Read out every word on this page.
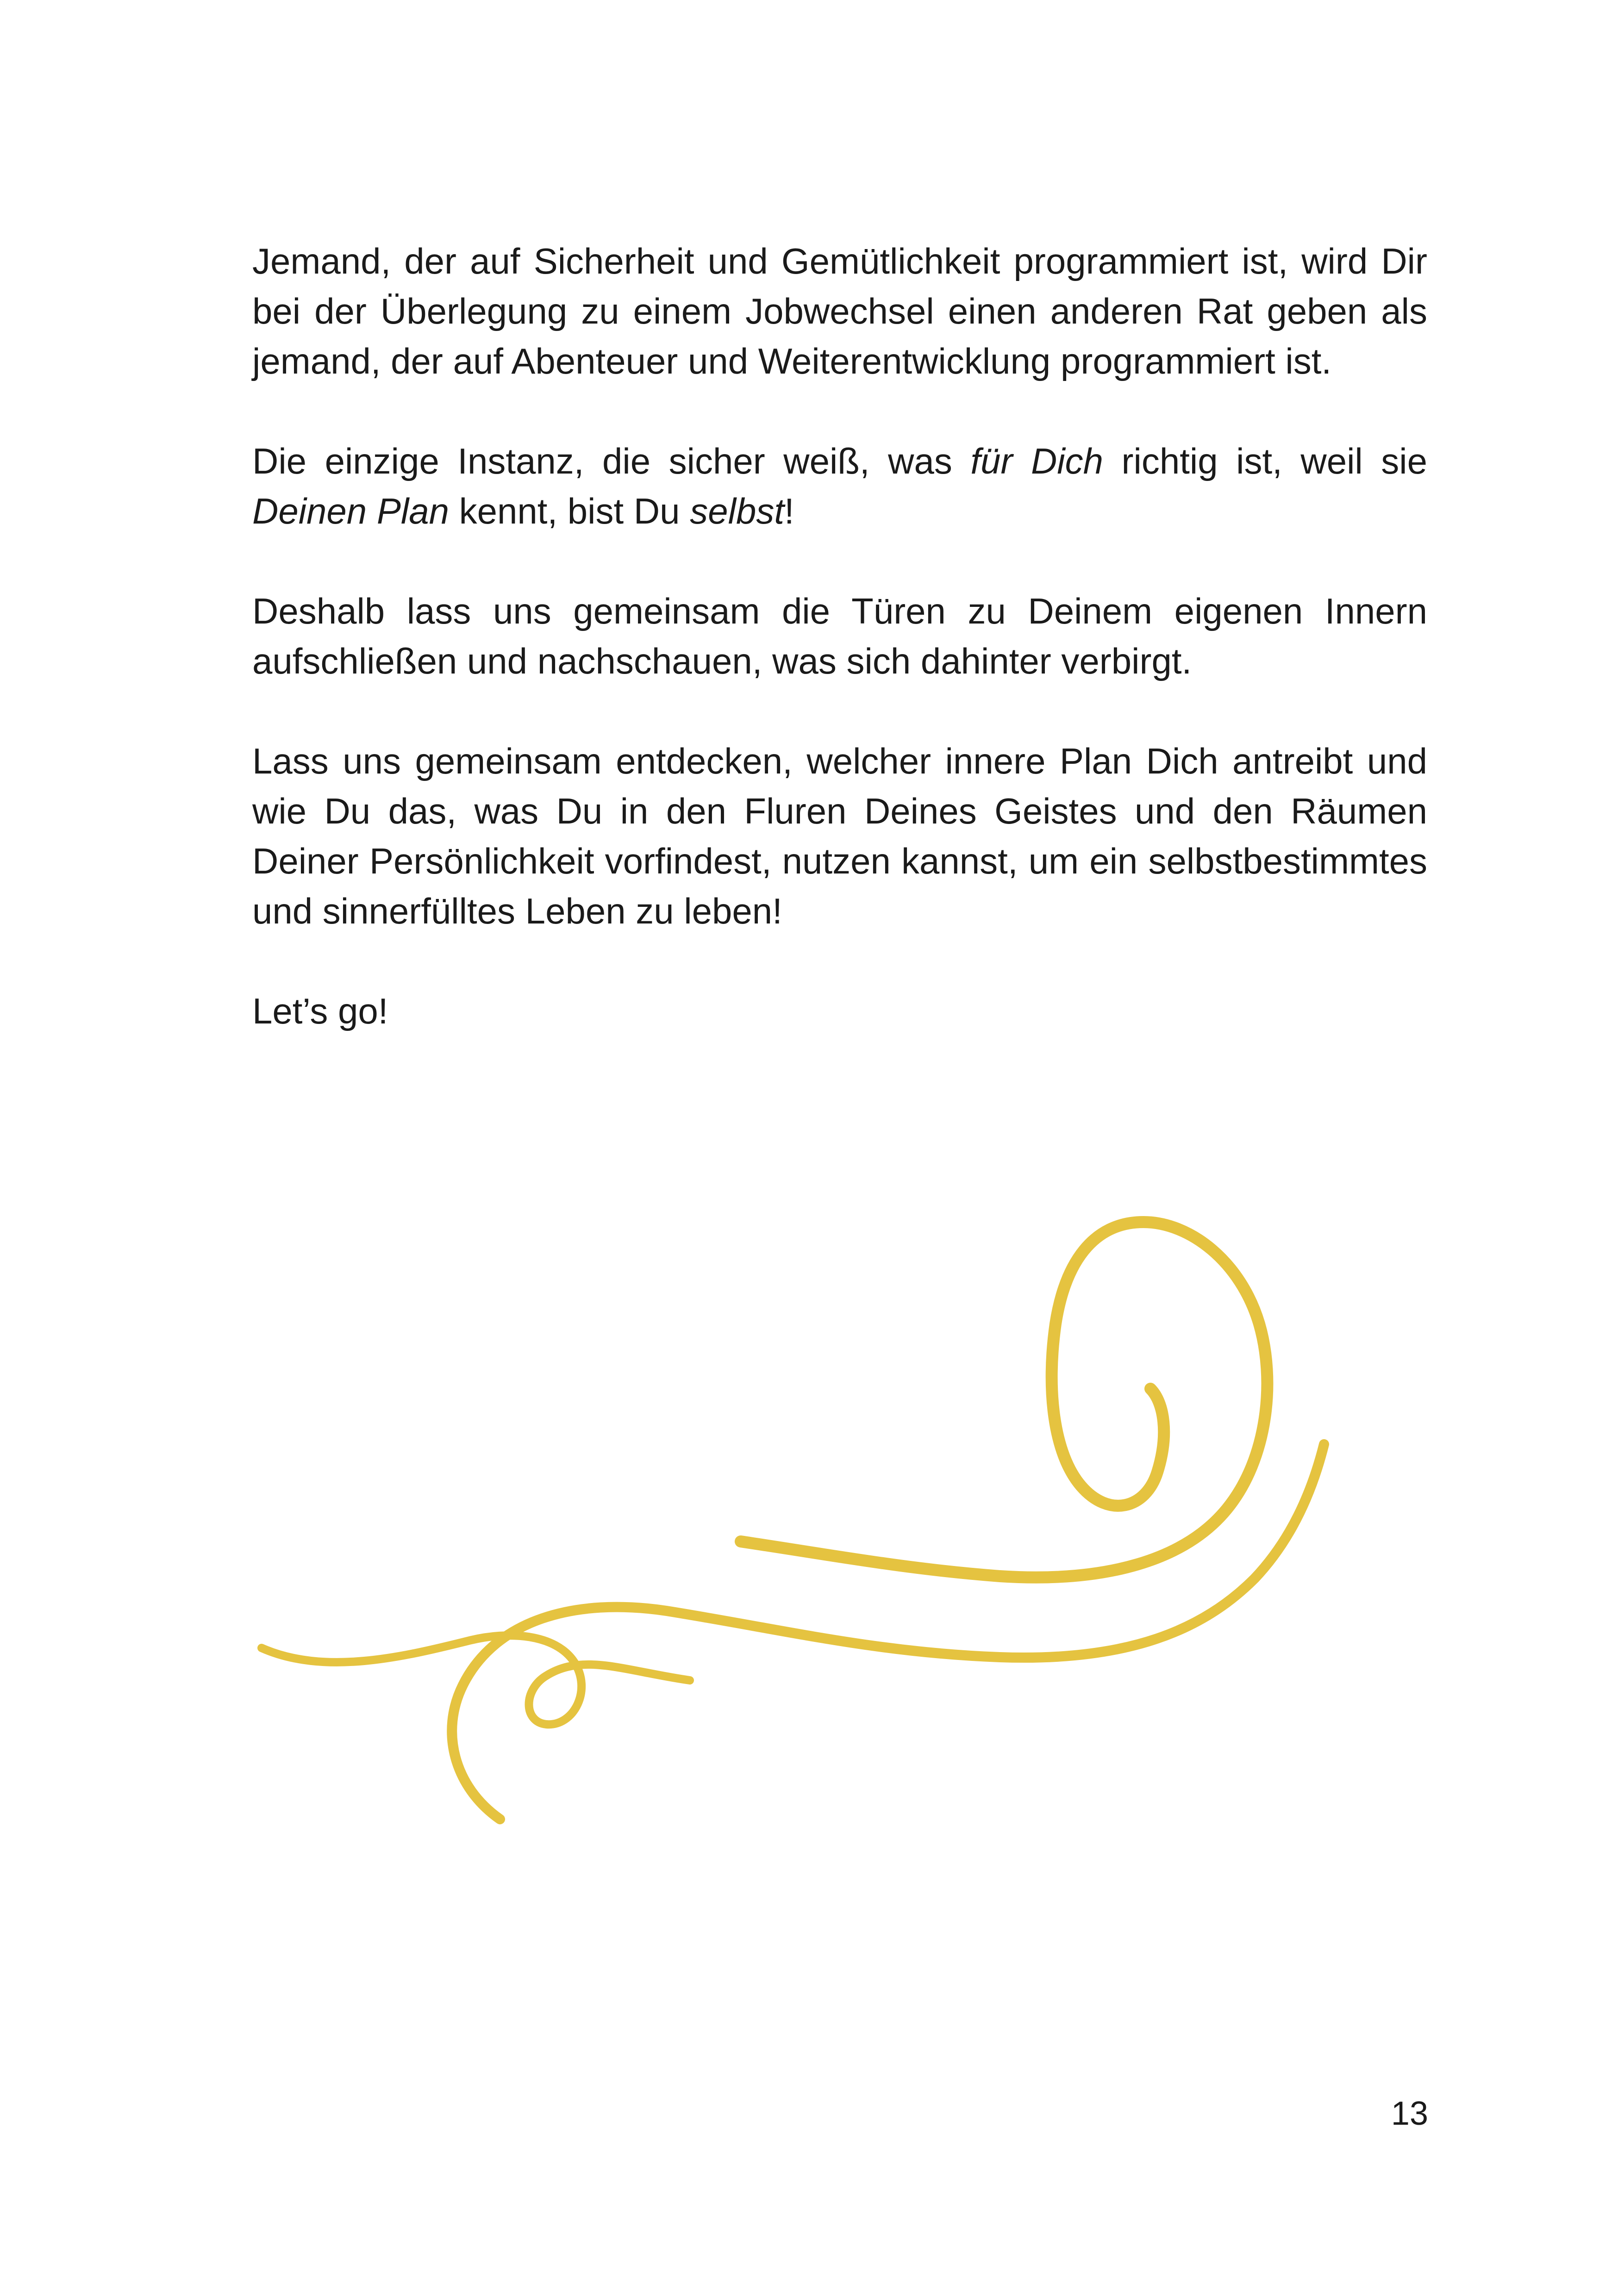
Jemand, der auf Sicherheit und Gemütlichkeit programmiert ist, wird Dir bei der Überlegung zu einem Jobwechsel einen anderen Rat geben als jemand, der auf Abenteuer und Weiterentwicklung programmiert ist.

Die einzige Instanz, die sicher weiß, was für Dich richtig ist, weil sie Deinen Plan kennt, bist Du selbst!

Deshalb lass uns gemeinsam die Türen zu Deinem eigenen Innern aufschließen und nachschauen, was sich dahinter verbirgt.

Lass uns gemeinsam entdecken, welcher innere Plan Dich antreibt und wie Du das, was Du in den Fluren Deines Geistes und den Räumen Deiner Persönlichkeit vorfindest, nutzen kannst, um ein selbstbestimmtes und sinnerfülltes Leben zu leben!

Let’s go!

13
